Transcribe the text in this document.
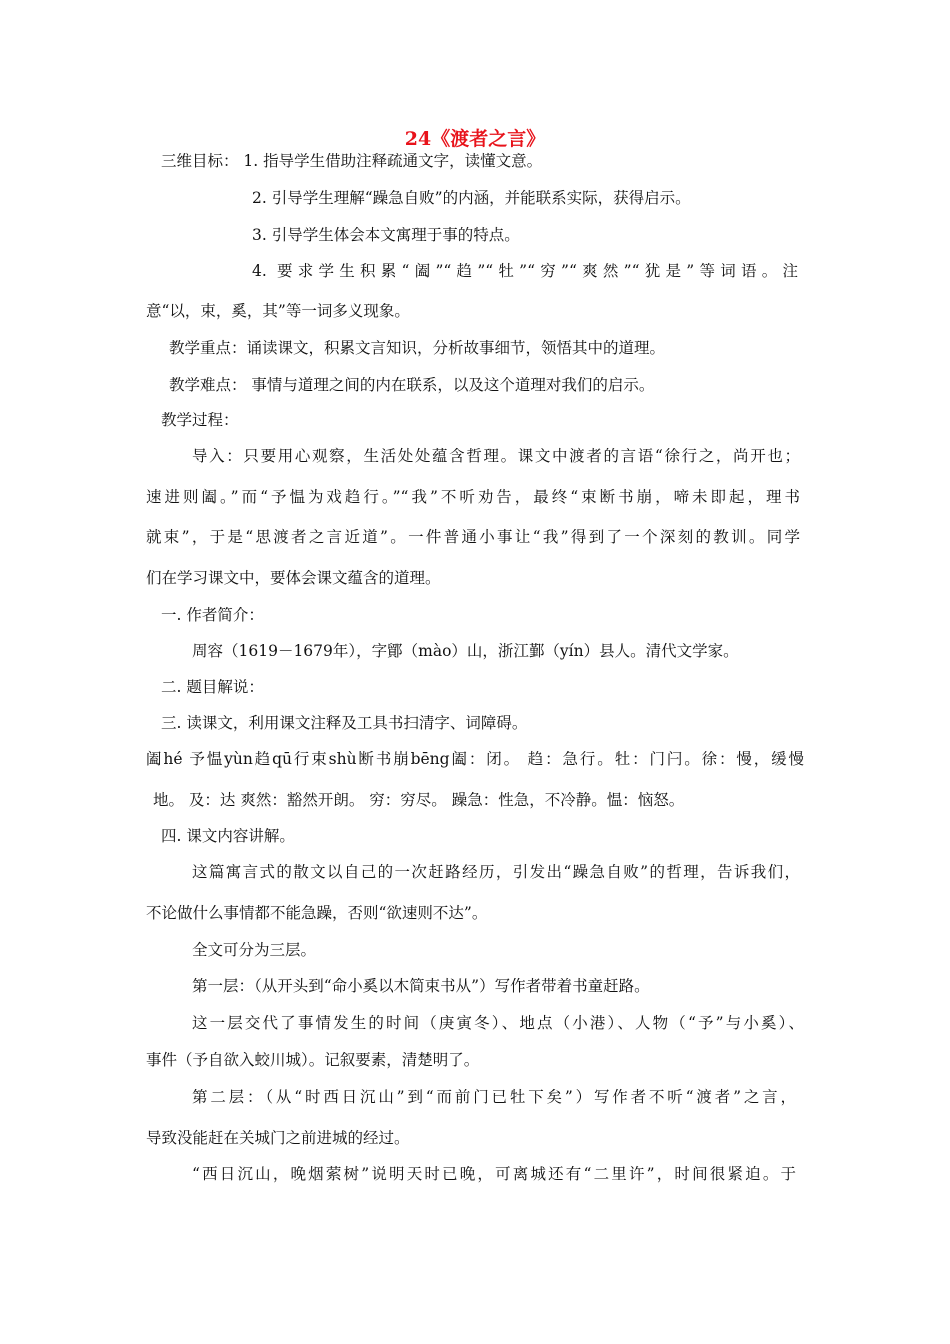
24《渡者之言》
三维目标： 1. 指导学生借助注释疏通文字，读懂文意。
2. 引导学生理解“躁急自败”的内涵，并能联系实际，获得启示。
3. 引导学生体会本文寓理于事的特点。
4. 要求学生积累“阖”“趋”“牡”“穷”“爽然”“犹是”等词语。注
意“以，束，奚，其”等一词多义现象。
教学重点：诵读课文，积累文言知识，分析故事细节，领悟其中的道理。
教学难点： 事情与道理之间的内在联系，以及这个道理对我们的启示。
教学过程：
导入：只要用心观察，生活处处蕴含哲理。课文中渡者的言语“徐行之，尚开也；
速进则阖。”而“予愠为戏趋行。”“我”不听劝告，最终“束断书崩，啼未即起，理书
就束”，于是“思渡者之言近道”。一件普通小事让“我”得到了一个深刻的教训。同学
们在学习课文中，要体会课文蕴含的道理。
一. 作者简介：
周容（1619－1679年），字鄮（mào）山，浙江鄞（yín）县人。清代文学家。
二. 题目解说：
三. 读课文，利用课文注释及工具书扫清字、词障碍。
阖hé 予愠yùn趋qū行束shù断书崩bēng阖：闭。 趋：急行。牡：门闩。徐：慢，缓慢
地。 及：达 爽然：豁然开朗。 穷：穷尽。 躁急：性急，不冷静。愠：恼怒。
四. 课文内容讲解。
这篇寓言式的散文以自己的一次赶路经历，引发出“躁急自败”的哲理，告诉我们，
不论做什么事情都不能急躁，否则“欲速则不达”。
全文可分为三层。
第一层：（从开头到“命小奚以木简束书从”）写作者带着书童赶路。
这一层交代了事情发生的时间（庚寅冬）、地点（小港）、人物（“予”与小奚）、
事件（予自欲入蛟川城）。记叙要素，清楚明了。
第二层：（从“时西日沉山”到“而前门已牡下矣”）写作者不听“渡者”之言，
导致没能赶在关城门之前进城的经过。
“西日沉山，晚烟萦树”说明天时已晚，可离城还有“二里许”，时间很紧迫。于
